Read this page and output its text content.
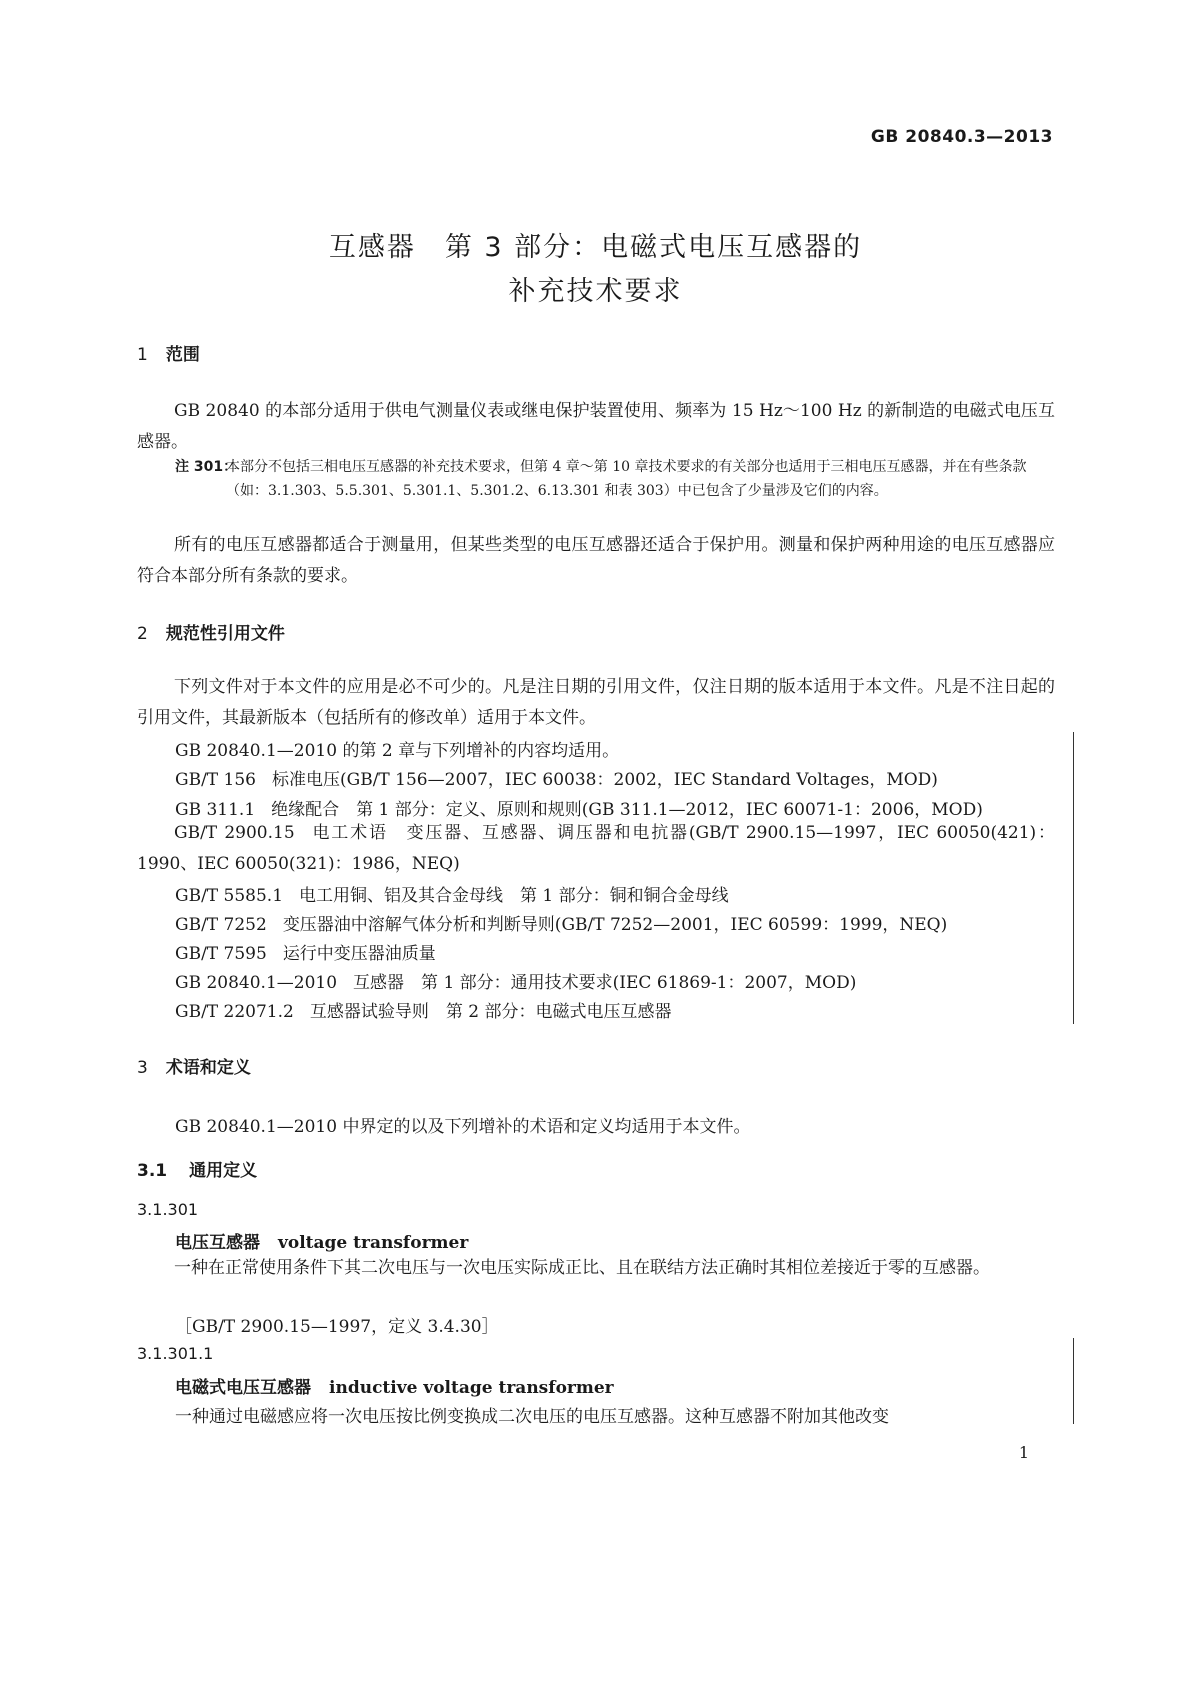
GB 20840.3—2013
互感器　第 3 部分：电磁式电压互感器的
补充技术要求
1 范围
GB 20840 的本部分适用于供电气测量仪表或继电保护装置使用、频率为 15 Hz～100 Hz 的新制造的电磁式电压互感器。
注 301：
本部分不包括三相电压互感器的补充技术要求，但第 4 章～第 10 章技术要求的有关部分也适用于三相电压互感器，并在有些条款（如：3.1.303、5.5.301、5.301.1、5.301.2、6.13.301 和表 303）中已包含了少量涉及它们的内容。
所有的电压互感器都适合于测量用，但某些类型的电压互感器还适合于保护用。测量和保护两种用途的电压互感器应符合本部分所有条款的要求。
2 规范性引用文件
下列文件对于本文件的应用是必不可少的。凡是注日期的引用文件，仅注日期的版本适用于本文件。凡是不注日起的引用文件，其最新版本（包括所有的修改单）适用于本文件。
GB 20840.1—2010 的第 2 章与下列增补的内容均适用。
GB/T 156 标准电压(GB/T 156—2007，IEC 60038：2002，IEC Standard Voltages，MOD)
GB 311.1 绝缘配合　第 1 部分：定义、原则和规则(GB 311.1—2012，IEC 60071-1：2006，MOD)
GB/T 2900.15 电工术语　变压器、互感器、调压器和电抗器(GB/T 2900.15—1997，IEC 60050(421)：1990、IEC 60050(321)：1986，NEQ)
GB/T 5585.1 电工用铜、铝及其合金母线　第 1 部分：铜和铜合金母线
GB/T 7252 变压器油中溶解气体分析和判断导则(GB/T 7252—2001，IEC 60599：1999，NEQ)
GB/T 7595 运行中变压器油质量
GB 20840.1—2010 互感器　第 1 部分：通用技术要求(IEC 61869-1：2007，MOD)
GB/T 22071.2 互感器试验导则　第 2 部分：电磁式电压互感器
3 术语和定义
GB 20840.1—2010 中界定的以及下列增补的术语和定义均适用于本文件。
3.1 通用定义
3.1.301
电压互感器 voltage transformer
一种在正常使用条件下其二次电压与一次电压实际成正比、且在联结方法正确时其相位差接近于零的互感器。
［GB/T 2900.15—1997，定义 3.4.30］
3.1.301.1
电磁式电压互感器 inductive voltage transformer
一种通过电磁感应将一次电压按比例变换成二次电压的电压互感器。这种互感器不附加其他改变
1
